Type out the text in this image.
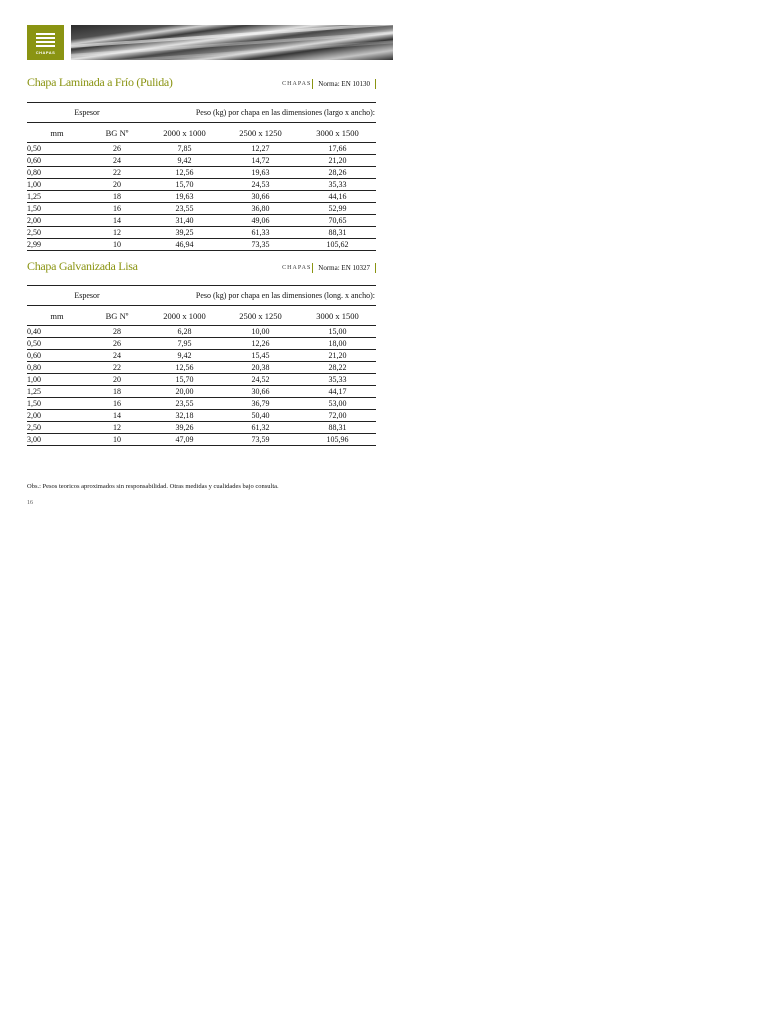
CHAPAS
Chapa Laminada a Frío (Pulida)	CHAPAS Norma: EN 10130
Espesor		Peso (kg) por chapa en las dimensiones (largo x ancho):		
mm	BG Nº	2000 x 1000	2500 x 1250	3000 x 1500
0,50	26	7,85	12,27	17,66
0,60	24	9,42	14,72	21,20
0,80	22	12,56	19,63	28,26
1,00	20	15,70	24,53	35,33
1,25	18	19,63	30,66	44,16
1,50	16	23,55	36,80	52,99
2,00	14	31,40	49,06	70,65
2,50	12	39,25	61,33	88,31
2,99	10	46,94	73,35	105,62
Chapa Galvanizada Lisa	CHAPAS Norma: EN 10327
Espesor		Peso (kg) por chapa en las dimensiones (long. x ancho):		
mm	BG Nº	2000 x 1000	2500 x 1250	3000 x 1500
0,40	28	6,28	10,00	15,00
0,50	26	7,95	12,26	18,00
0,60	24	9,42	15,45	21,20
0,80	22	12,56	20,38	28,22
1,00	20	15,70	24,52	35,33
1,25	18	20,00	30,66	44,17
1,50	16	23,55	36,79	53,00
2,00	14	32,18	50,40	72,00
2,50	12	39,26	61,32	88,31
3,00	10	47,09	73,59	105,96
Obs.: Pesos teoricos aproximados sin responsabilidad. Otras medidas y cualidades bajo consulta.
16
